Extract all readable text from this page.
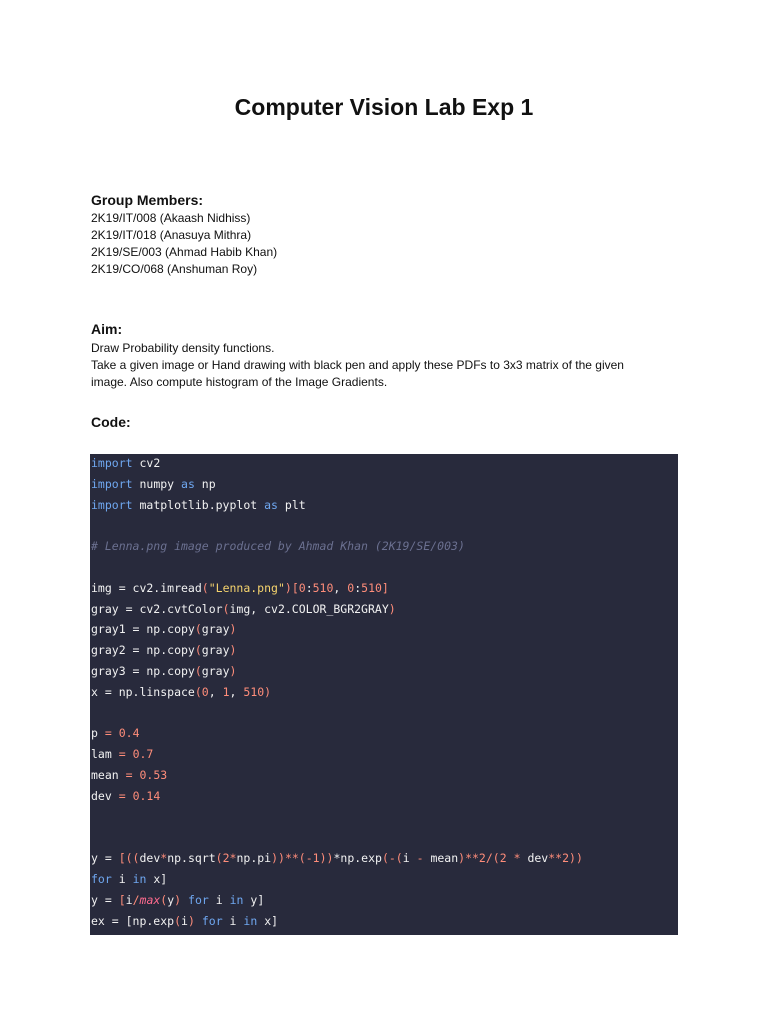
Computer Vision Lab Exp 1
Group Members:

2K19/IT/008 (Akaash Nidhiss)

2K19/IT/018 (Anasuya Mithra)

2K19/SE/003 (Ahmad Habib Khan)

2K19/CO/068 (Anshuman Roy)

Aim:

Draw Probability density functions.

Take a given image or Hand drawing with black pen and apply these PDFs to 3x3 matrix of the given

image. Also compute histogram of the Image Gradients.

Code:
import cv2
import numpy as np
import matplotlib.pyplot as plt
# Lenna.png image produced by Ahmad Khan (2K19/SE/003)
img = cv2.imread("Lenna.png")[0:510, 0:510]
gray = cv2.cvtColor(img, cv2.COLOR_BGR2GRAY)
gray1 = np.copy(gray)
gray2 = np.copy(gray)
gray3 = np.copy(gray)
x = np.linspace(0, 1, 510)
p = 0.4
lam = 0.7
mean = 0.53
dev = 0.14
y = [((dev*np.sqrt(2*np.pi))**(-1))*np.exp(-(i - mean)**2/(2 * dev**2))
for i in x]
y = [i/max(y) for i in y]
ex = [np.exp(i) for i in x]
